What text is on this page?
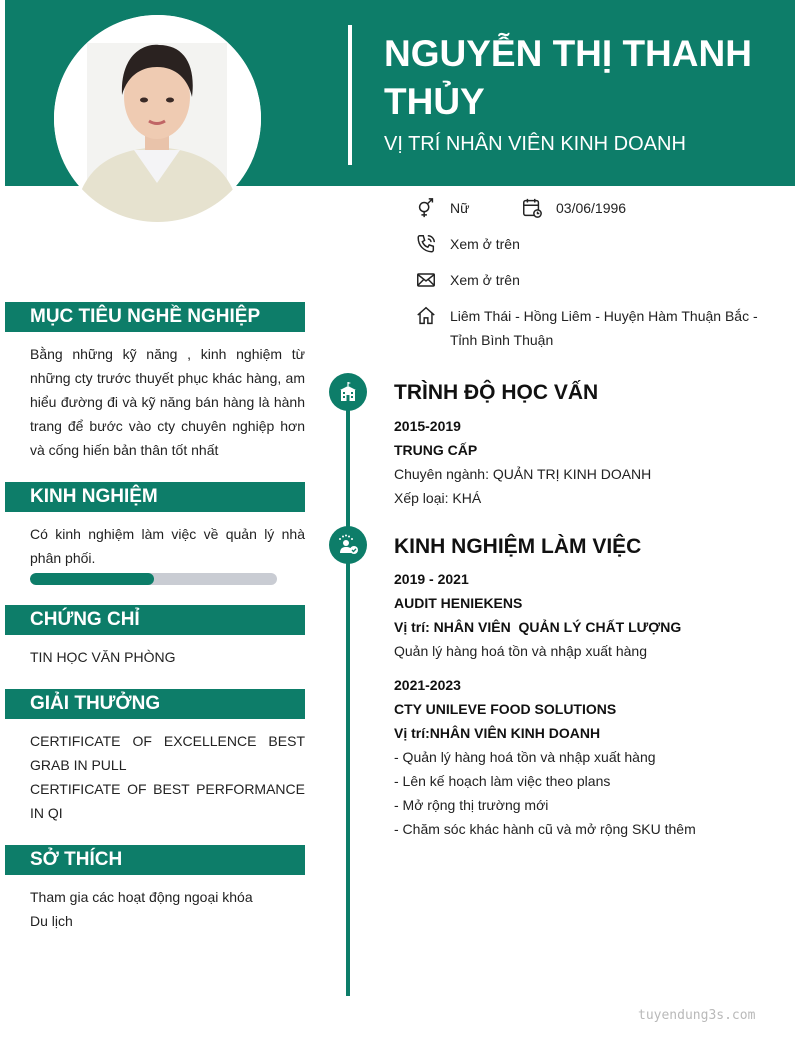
NGUYỄN THỊ THANH THỦY
VỊ TRÍ NHÂN VIÊN KINH DOANH
Nữ	03/06/1996
Xem ở trên
Xem ở trên
Liêm Thái - Hồng Liêm - Huyện Hàm Thuận Bắc - Tỉnh Bình Thuận
MỤC TIÊU NGHỀ NGHIỆP
Bằng những kỹ năng , kinh nghiệm từ những cty trước thuyết phục khác hàng, am hiểu đường đi và kỹ năng bán hàng là hành trang để bước vào cty chuyên nghiệp hơn và cống hiến bản thân tốt nhất
KINH NGHIỆM
Có kinh nghiệm làm việc về quản lý nhà phân phối.
CHỨNG CHỈ

TIN HỌC VĂN PHÒNG

GIẢI THƯỞNG

CERTIFICATE OF EXCELLENCE BEST GRAB IN PULL

CERTIFICATE OF BEST PERFORMANCE IN QI

SỞ THÍCH

Tham gia các hoạt động ngoại khóa

Du lịch

TRÌNH ĐỘ HỌC VẤN
2015-2019
TRUNG CẤP
Chuyên ngành: QUẢN TRỊ KINH DOANH
Xếp loại: KHÁ
KINH NGHIỆM LÀM VIỆC
2019 - 2021
AUDIT HENIEKENS
Vị trí: NHÂN VIÊN  QUẢN LÝ CHẤT LƯỢNG
Quản lý hàng hoá tồn và nhập xuất hàng
2021-2023
CTY UNILEVE FOOD SOLUTIONS
Vị trí:NHÂN VIÊN KINH DOANH
- Quản lý hàng hoá tồn và nhập xuất hàng
- Lên kế hoạch làm việc theo plans
- Mở rộng thị trường mới
- Chăm sóc khác hành cũ và mở rộng SKU thêm
tuyendung3s.com
